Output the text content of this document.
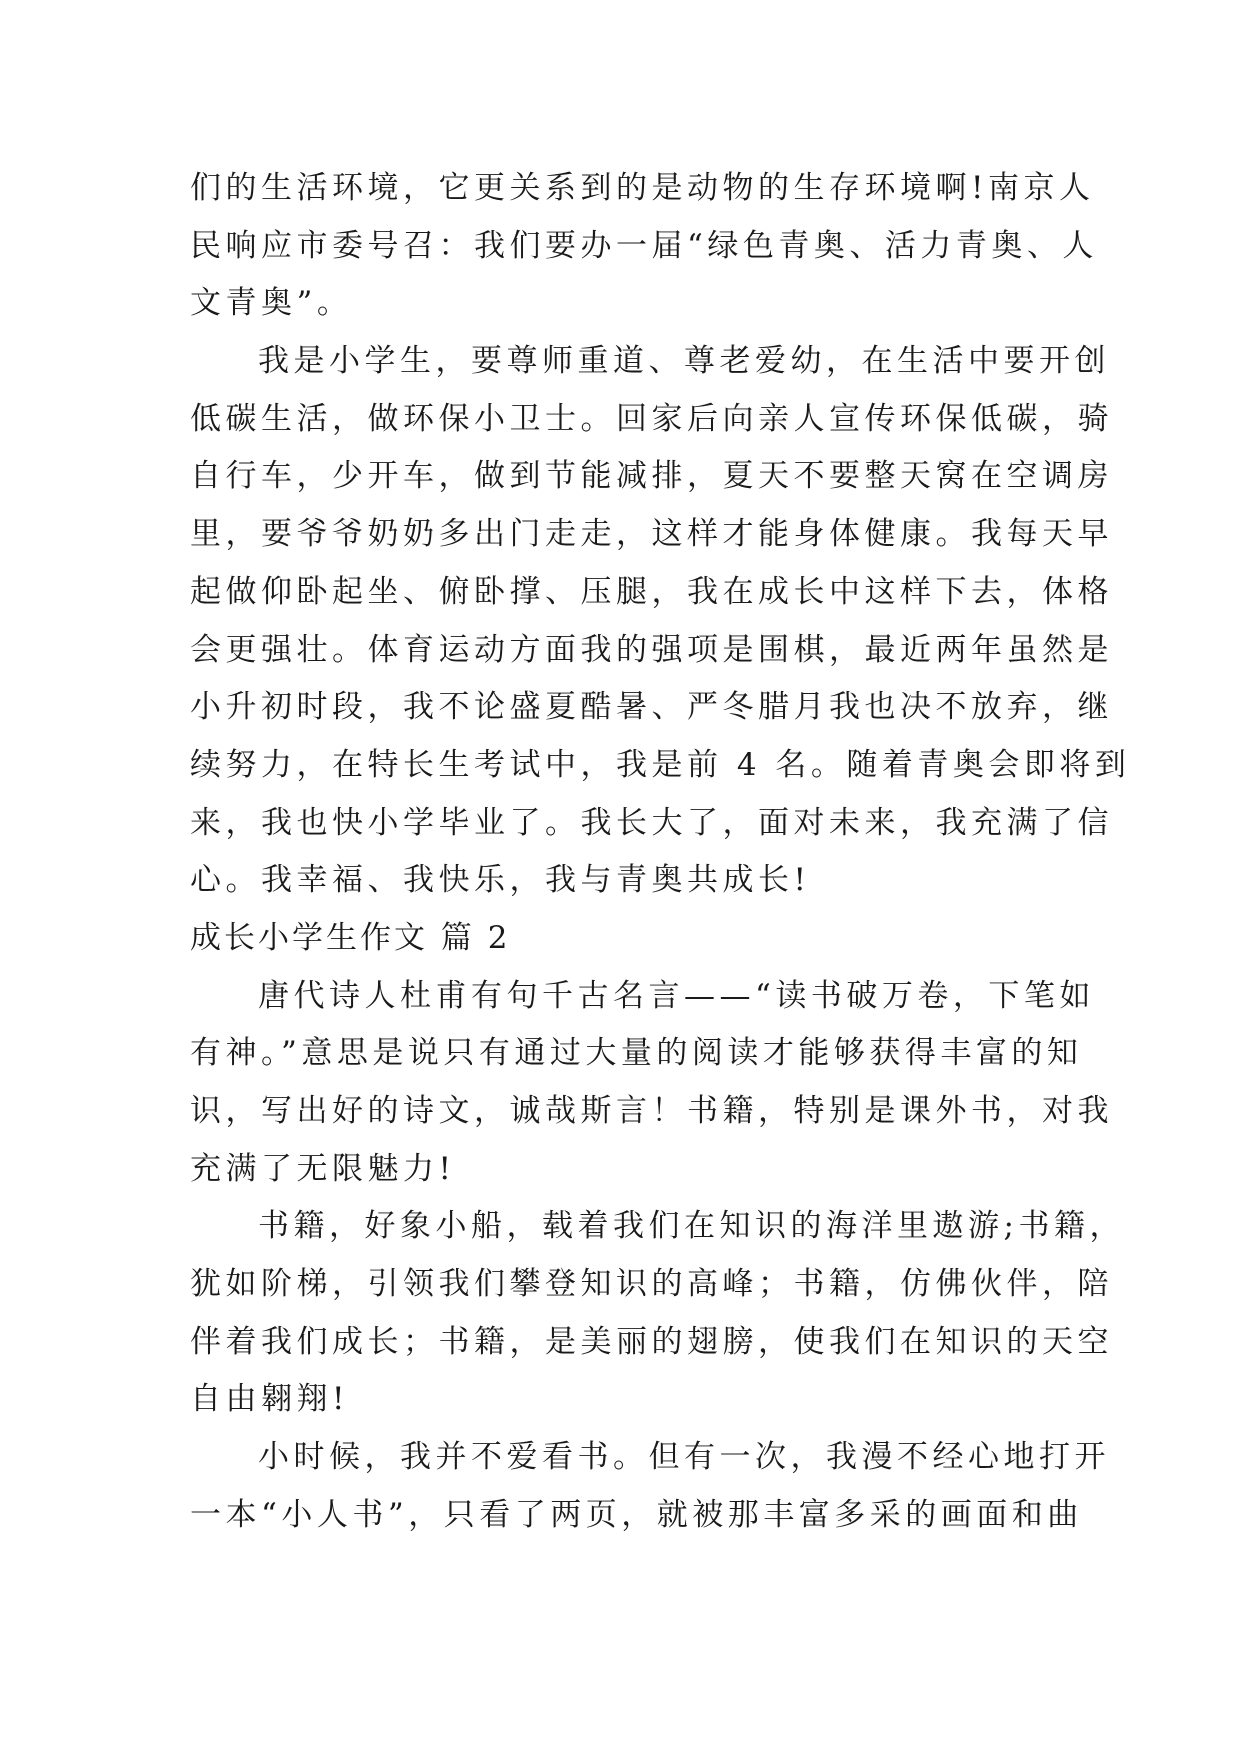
们的生活环境，它更关系到的是动物的生存环境啊!南京人
民响应市委号召：我们要办一届“绿色青奥、活力青奥、人
文青奥”。
我是小学生，要尊师重道、尊老爱幼，在生活中要开创
低碳生活，做环保小卫士。回家后向亲人宣传环保低碳，骑
自行车，少开车，做到节能减排，夏天不要整天窝在空调房
里，要爷爷奶奶多出门走走，这样才能身体健康。我每天早
起做仰卧起坐、俯卧撑、压腿，我在成长中这样下去，体格
会更强壮。体育运动方面我的强项是围棋，最近两年虽然是
小升初时段，我不论盛夏酷暑、严冬腊月我也决不放弃，继
续努力，在特长生考试中，我是前 4 名。随着青奥会即将到
来，我也快小学毕业了。我长大了，面对未来，我充满了信
心。我幸福、我快乐，我与青奥共成长!
成长小学生作文 篇 2
唐代诗人杜甫有句千古名言——“读书破万卷，下笔如
有神。”意思是说只有通过大量的阅读才能够获得丰富的知
识，写出好的诗文，诚哉斯言！书籍，特别是课外书，对我
充满了无限魅力!
书籍，好象小船，载着我们在知识的海洋里遨游;书籍，
犹如阶梯，引领我们攀登知识的高峰；书籍，仿佛伙伴，陪
伴着我们成长；书籍，是美丽的翅膀，使我们在知识的天空
自由翱翔!
小时候，我并不爱看书。但有一次，我漫不经心地打开
一本“小人书”，只看了两页，就被那丰富多采的画面和曲
